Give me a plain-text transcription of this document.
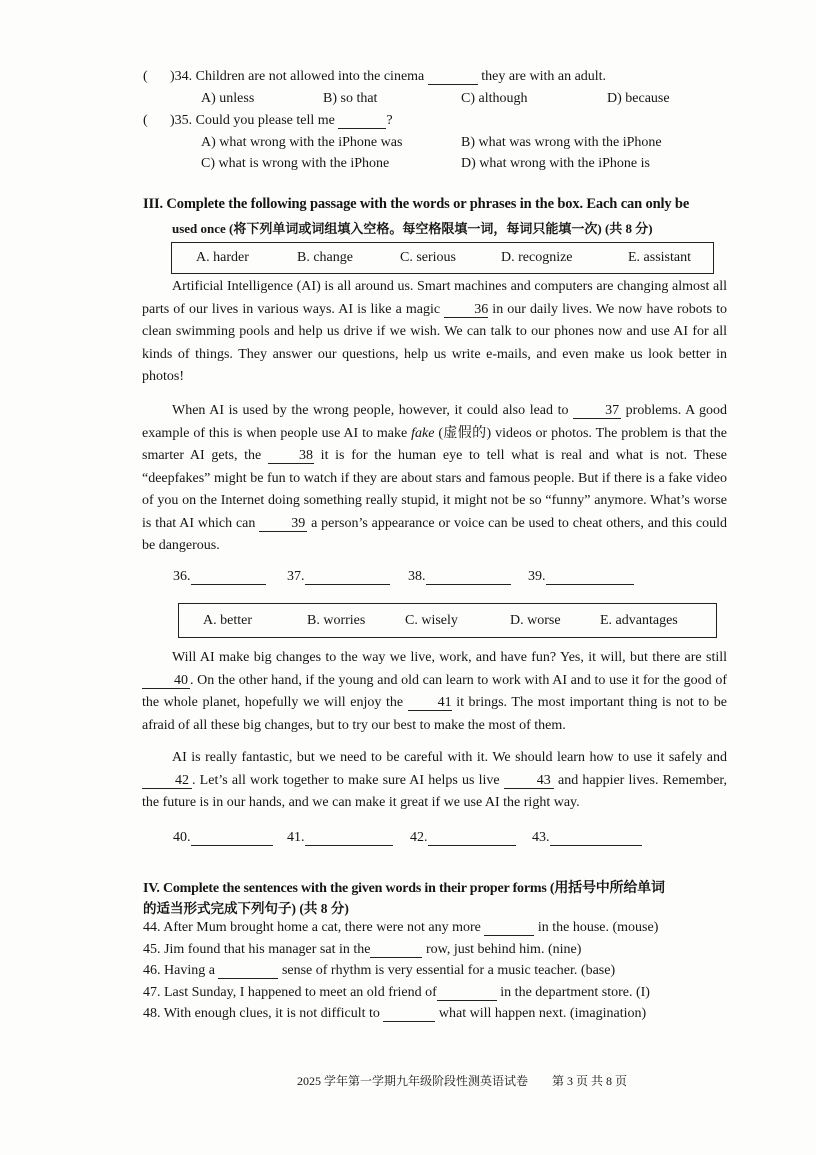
( )34. Children are not allowed into the cinema	they are with an adult.
A) unless	B) so that	C) although	D) because
( )35. Could you please tell me	?
A) what wrong with the iPhone was	B) what was wrong with the iPhone
C) what is wrong with the iPhone	D) what wrong with the iPhone is
III. Complete the following passage with the words or phrases in the box. Each can only be
used once (将下列单词或词组填入空格。每空格限填一词，每词只能填一次) (共 8 分)
A. harder	B. change	C. serious	D. recognize	E. assistant

Artificial Intelligence (AI) is all around us. Smart machines and computers are changing almost all parts of our lives in various ways. AI is like a magic 36 in our daily lives. We now have robots to clean swimming pools and help us drive if we wish. We can talk to our phones now and use AI for all kinds of things. They answer our questions, help us write e-mails, and even make us look better in photos!

When AI is used by the wrong people, however, it could also lead to 37 problems. A good example of this is when people use AI to make fake (虚假的) videos or photos. The problem is that the smarter AI gets, the 38 it is for the human eye to tell what is real and what is not. These “deepfakes” might be fun to watch if they are about stars and famous people. But if there is a fake video of you on the Internet doing something really stupid, it might not be so “funny” anymore. What’s worse is that AI which can 39 a person’s appearance or voice can be used to cheat others, and this could be dangerous.

36.	37.	38.	39.
A. better	B. worries	C. wisely	D. worse	E. advantages

Will AI make big changes to the way we live, work, and have fun? Yes, it will, but there are still 40 . On the other hand, if the young and old can learn to work with AI and to use it for the good of the whole planet, hopefully we will enjoy the 41 it brings. The most important thing is not to be afraid of all these big changes, but to try our best to make the most of them.

AI is really fantastic, but we need to be careful with it. We should learn how to use it safely and 42 . Let’s all work together to make sure AI helps us live 43 and happier lives. Remember, the future is in our hands, and we can make it great if we use AI the right way.

40.	41.	42.	43.
IV. Complete the sentences with the given words in their proper forms (用括号中所给单词
的适当形式完成下列句子) (共 8 分)
44. After Mum brought home a cat, there were not any more	in the house. (mouse)
45. Jim found that his manager sat in the	row, just behind him. (nine)
46. Having a	sense of rhythm is very essential for a music teacher. (base)
47. Last Sunday, I happened to meet an old friend of	in the department store. (I)
48. With enough clues, it is not difficult to	what will happen next. (imagination)
2025 学年第一学期九年级阶段性测英语试卷　　第 3 页 共 8 页
